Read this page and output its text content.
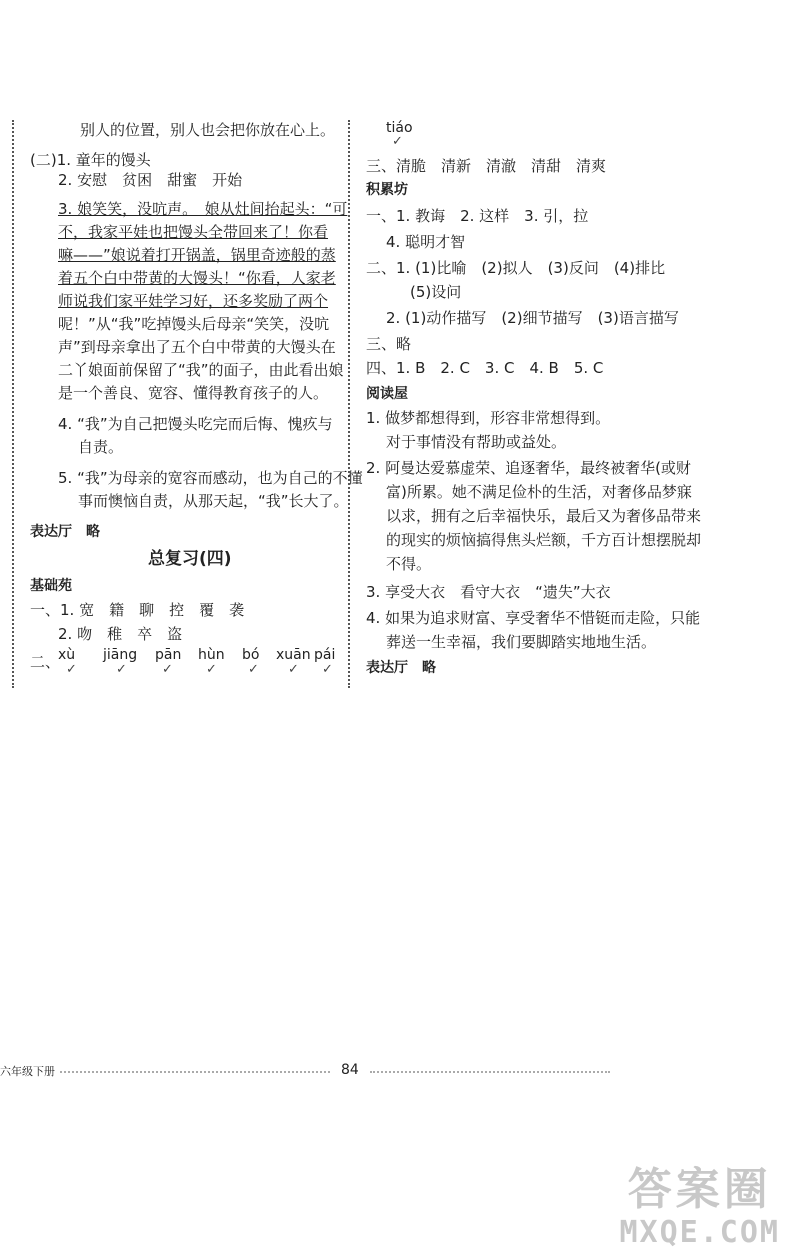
别人的位置，别人也会把你放在心上。
(二)1. 童年的馒头
2. 安慰　贫困　甜蜜　开始
3. 娘笑笑，没吭声。　娘从灶间抬起头：“可
不，我家平娃也把馒头全带回来了！你看
嘛——”娘说着打开锅盖，锅里奇迹般的蒸
着五个白中带黄的大馒头！“你看，人家老
师说我们家平娃学习好，还多奖励了两个
呢！”从“我”吃掉馒头后母亲“笑笑，没吭
声”到母亲拿出了五个白中带黄的大馒头在
二丫娘面前保留了“我”的面子，由此看出娘
是一个善良、宽容、懂得教育孩子的人。
4. “我”为自己把馒头吃完而后悔、愧疚与
自责。
5. “我”为母亲的宽容而感动，也为自己的不懂
事而懊恼自责，从那天起，“我”长大了。
表达厅　略
总复习(四)
基础苑
一、1. 宽　籍　聊　控　覆　袭
2. 吻　稚　卒　盗
二、
xù
✓
jiāng
✓
pān
✓
hùn
✓
bó
✓
xuān
✓
pái
✓
tiáo
✓
三、清脆　清新　清澈　清甜　清爽
积累坊
一、1. 教诲　2. 这样　3. 引，拉
4. 聪明才智
二、1. (1)比喻　(2)拟人　(3)反问　(4)排比
(5)设问
2. (1)动作描写　(2)细节描写　(3)语言描写
三、略
四、1. B　2. C　3. C　4. B　5. C
阅读屋
1. 做梦都想得到，形容非常想得到。
对于事情没有帮助或益处。
2. 阿曼达爱慕虚荣、追逐奢华，最终被奢华(或财
富)所累。她不满足俭朴的生活，对奢侈品梦寐
以求，拥有之后幸福快乐，最后又为奢侈品带来
的现实的烦恼搞得焦头烂额，千方百计想摆脱却
不得。
3. 享受大衣　看守大衣　“遗失”大衣
4. 如果为追求财富、享受奢华不惜铤而走险，只能
葬送一生幸福，我们要脚踏实地地生活。
表达厅　略
六年级下册	84
答案圈
MXQE.COM
